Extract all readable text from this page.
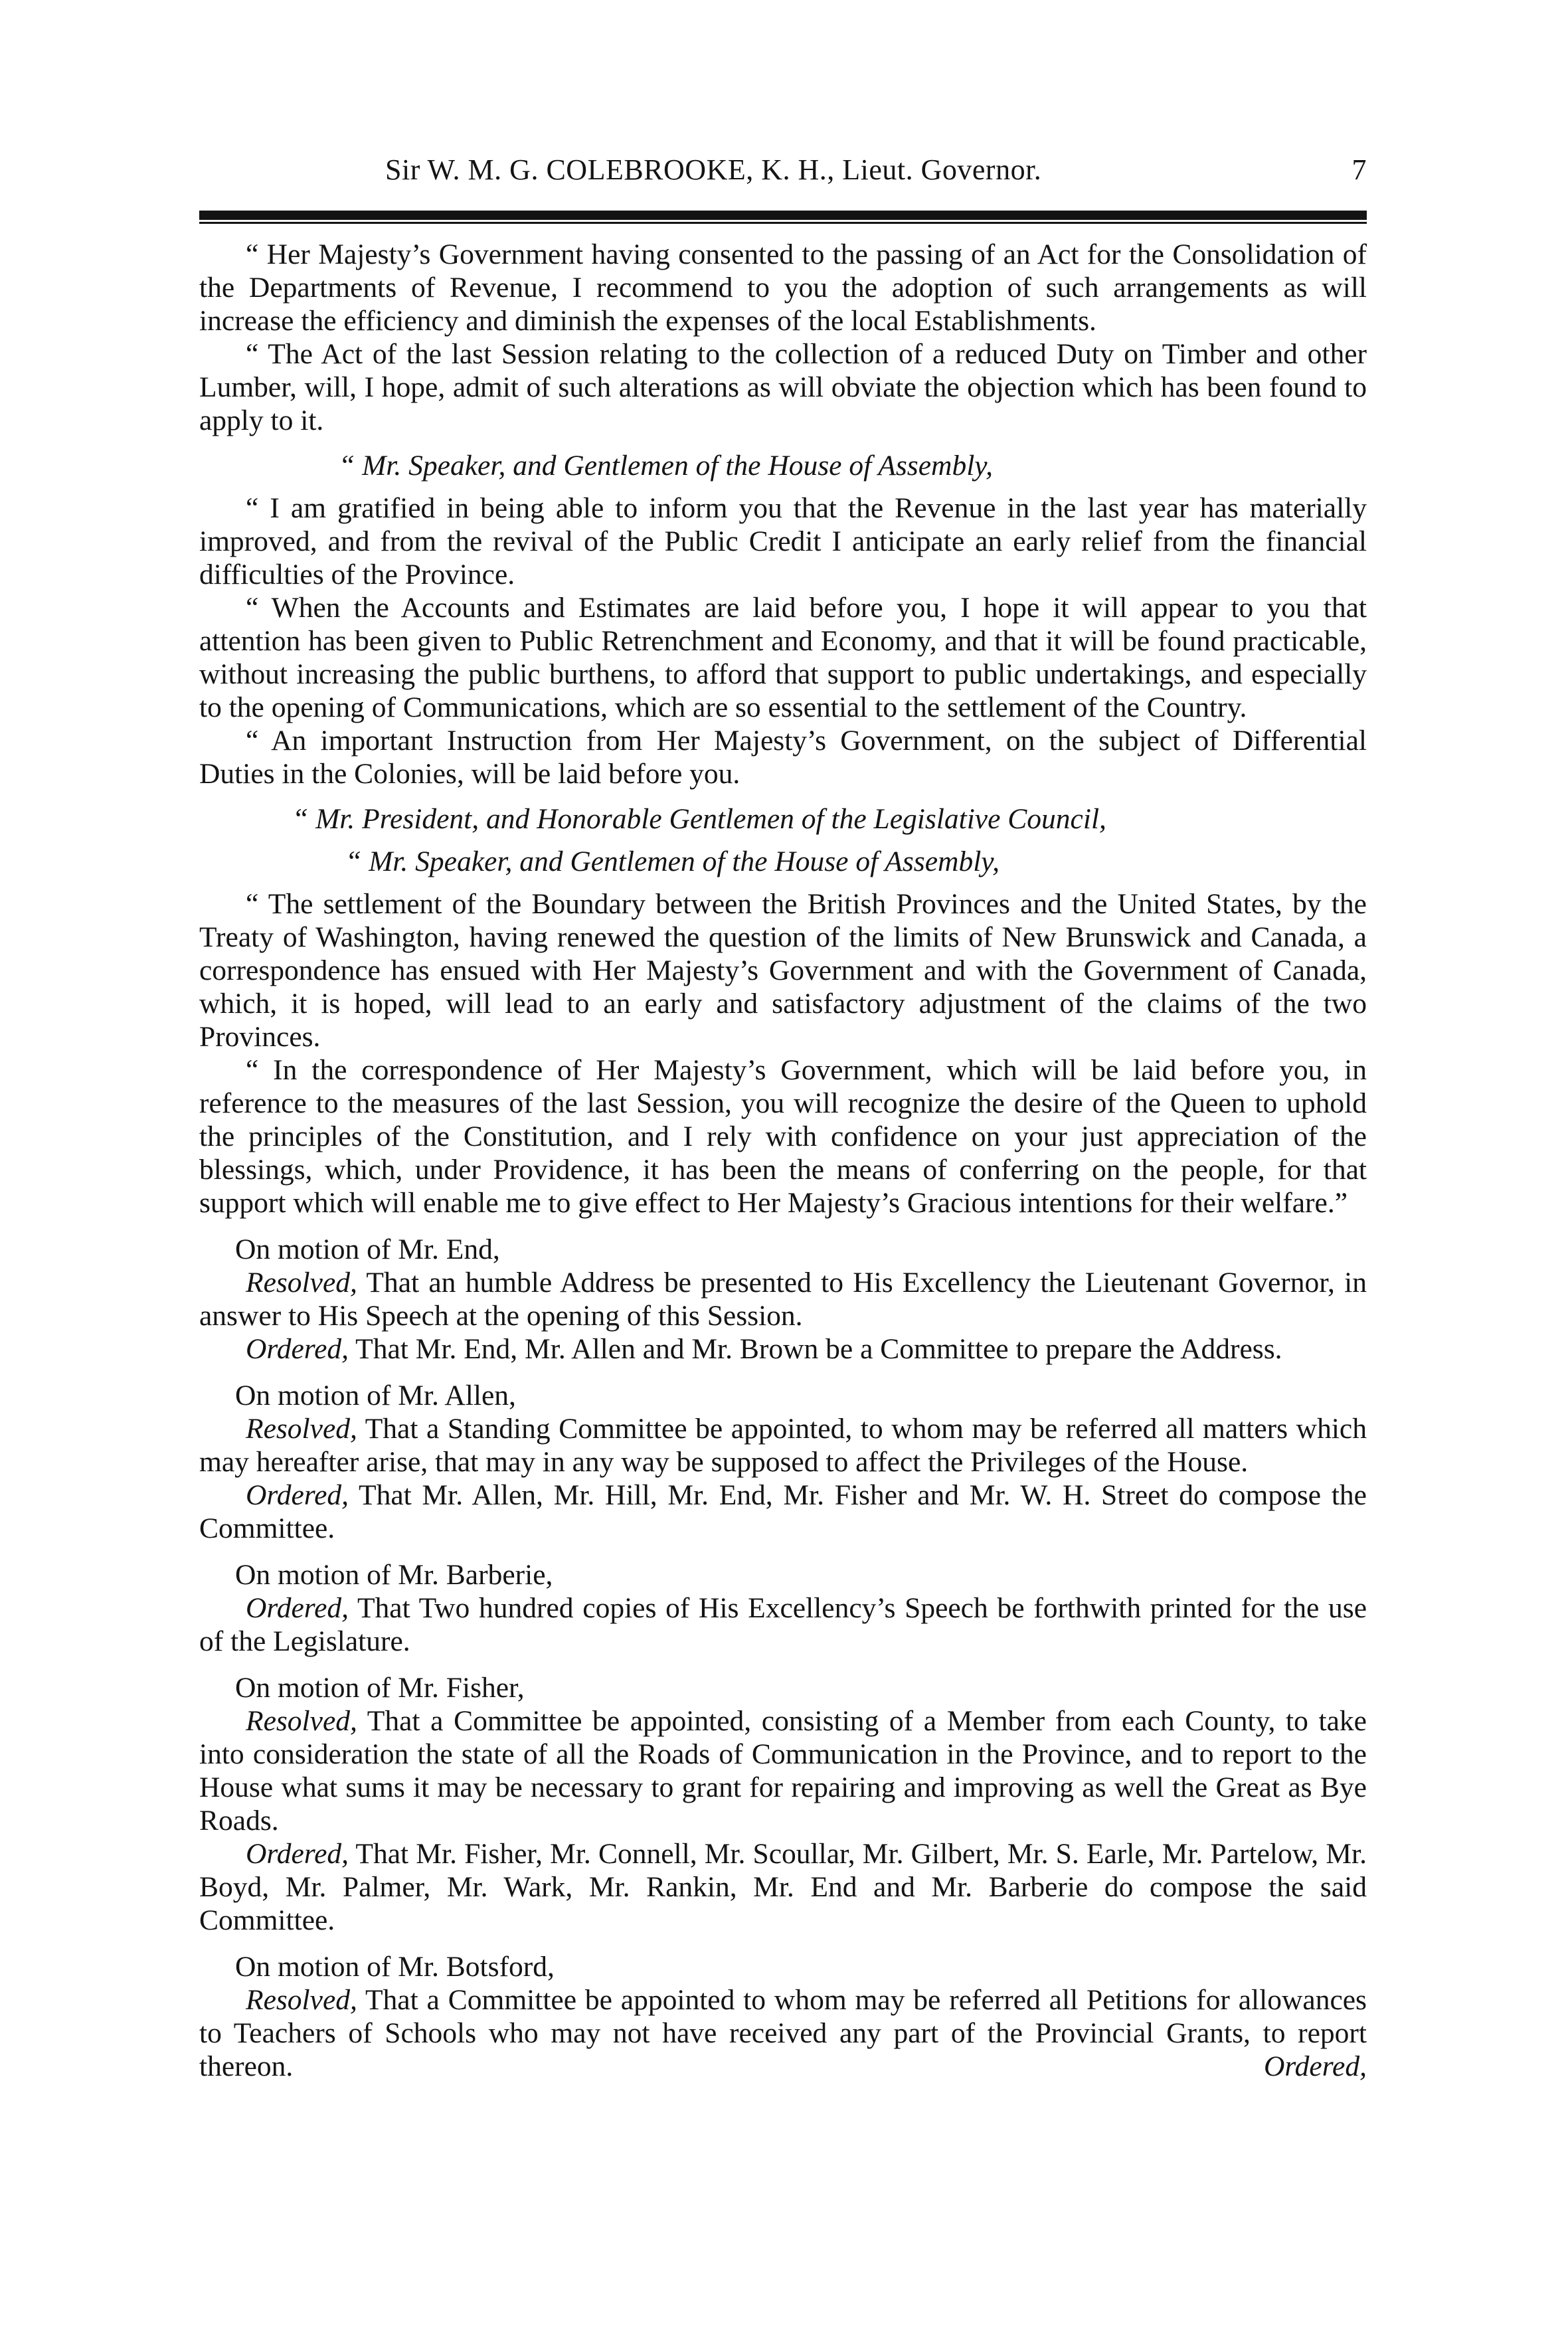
Sir W. M. G. COLEBROOKE, K. H., Lieut. Governor.	7

“ Her Majesty’s Government having consented to the passing of an Act for the Consolidation of the Departments of Revenue, I recommend to you the adoption of such arrangements as will increase the efficiency and diminish the expenses of the local Establishments.

“ The Act of the last Session relating to the collection of a reduced Duty on Timber and other Lumber, will, I hope, admit of such alterations as will obviate the objection which has been found to apply to it.

“ Mr. Speaker, and Gentlemen of the House of Assembly,

“ I am gratified in being able to inform you that the Revenue in the last year has materially improved, and from the revival of the Public Credit I anticipate an early relief from the financial difficulties of the Province.

“ When the Accounts and Estimates are laid before you, I hope it will appear to you that attention has been given to Public Retrenchment and Economy, and that it will be found practicable, without increasing the public burthens, to afford that support to public undertakings, and especially to the opening of Communications, which are so essential to the settlement of the Country.

“ An important Instruction from Her Majesty’s Government, on the subject of Differential Duties in the Colonies, will be laid before you.

“ Mr. President, and Honorable Gentlemen of the Legislative Council,

“ Mr. Speaker, and Gentlemen of the House of Assembly,

“ The settlement of the Boundary between the British Provinces and the United States, by the Treaty of Washington, having renewed the question of the limits of New Brunswick and Canada, a correspondence has ensued with Her Majesty’s Government and with the Government of Canada, which, it is hoped, will lead to an early and satisfactory adjustment of the claims of the two Provinces.

“ In the correspondence of Her Majesty’s Government, which will be laid before you, in reference to the measures of the last Session, you will recognize the desire of the Queen to uphold the principles of the Constitution, and I rely with confidence on your just appreciation of the blessings, which, under Providence, it has been the means of conferring on the people, for that support which will enable me to give effect to Her Majesty’s Gracious intentions for their welfare.”

On motion of Mr. End,

Resolved, That an humble Address be presented to His Excellency the Lieutenant Governor, in answer to His Speech at the opening of this Session.

Ordered, That Mr. End, Mr. Allen and Mr. Brown be a Committee to prepare the Address.

On motion of Mr. Allen,

Resolved, That a Standing Committee be appointed, to whom may be referred all matters which may hereafter arise, that may in any way be supposed to affect the Privileges of the House.

Ordered, That Mr. Allen, Mr. Hill, Mr. End, Mr. Fisher and Mr. W. H. Street do compose the Committee.

On motion of Mr. Barberie,

Ordered, That Two hundred copies of His Excellency’s Speech be forthwith printed for the use of the Legislature.

On motion of Mr. Fisher,

Resolved, That a Committee be appointed, consisting of a Member from each County, to take into consideration the state of all the Roads of Communication in the Province, and to report to the House what sums it may be necessary to grant for repairing and improving as well the Great as Bye Roads.

Ordered, That Mr. Fisher, Mr. Connell, Mr. Scoullar, Mr. Gilbert, Mr. S. Earle, Mr. Partelow, Mr. Boyd, Mr. Palmer, Mr. Wark, Mr. Rankin, Mr. End and Mr. Barberie do compose the said Committee.

On motion of Mr. Botsford,

Resolved, That a Committee be appointed to whom may be referred all Petitions for allowances to Teachers of Schools who may not have received any part of the Provincial Grants, to report thereon.	Ordered,
